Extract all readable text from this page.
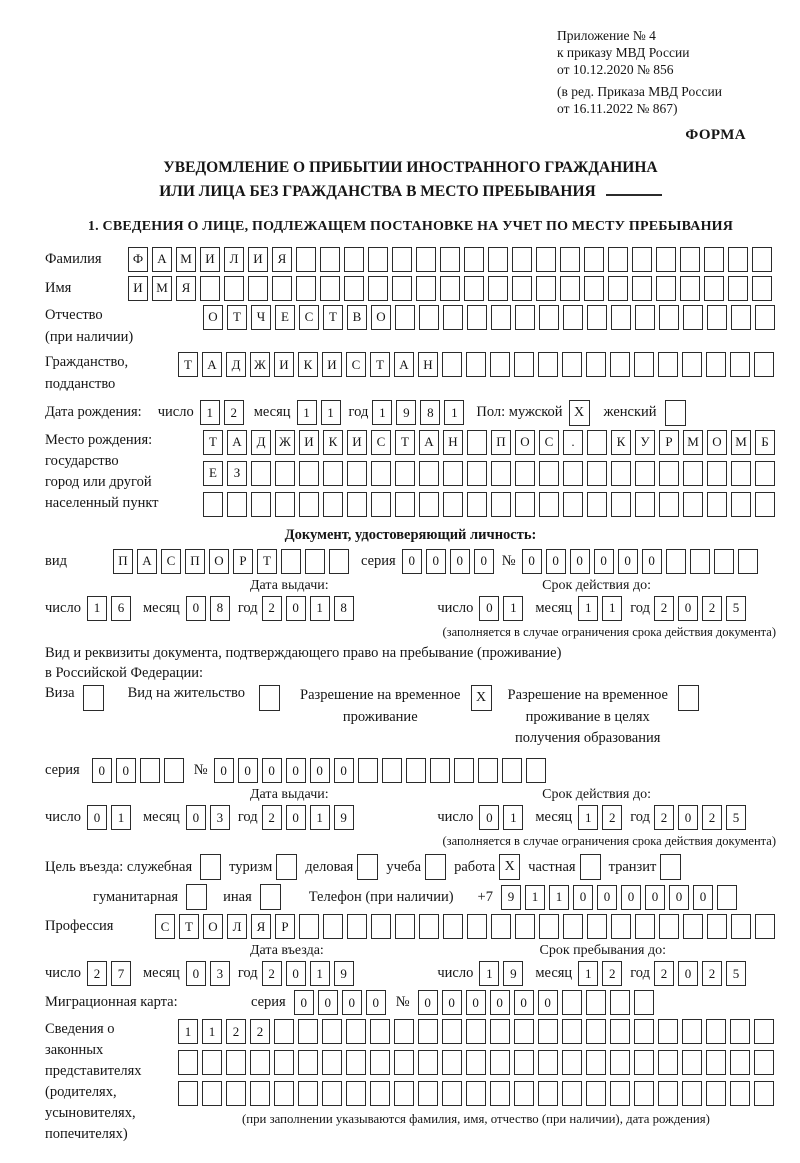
Приложение № 4
к приказу МВД России
от 10.12.2020 № 856
(в ред. Приказа МВД России
от 16.11.2022 № 867)
ФОРМА
УВЕДОМЛЕНИЕ О ПРИБЫТИИ ИНОСТРАННОГО ГРАЖДАНИНА
ИЛИ ЛИЦА БЕЗ ГРАЖДАНСТВА В МЕСТО ПРЕБЫВАНИЯ
1. СВЕДЕНИЯ О ЛИЦЕ, ПОДЛЕЖАЩЕМ ПОСТАНОВКЕ НА УЧЕТ ПО МЕСТУ ПРЕБЫВАНИЯ
Фамилия	Ф	А	М	И	Л	И	Я
Имя	И	М	Я
Отчество
(при наличии)
О	Т	Ч	Е	С	Т	В	О
Гражданство,
подданство
Т	А	Д	Ж	И	К	И	С	Т	А	Н
Дата рождения: число 1	2	месяц 1	1	год 1	9	8	1	Пол: мужской X	женский
Место рождения:
государство
город или другой
населенный пункт
Т	А	Д	Ж	И	К	И	С	Т	А	Н	П	О	С	.	К	У	Р	М	О	М	Б
Е	З
Документ, удостоверяющий личность:
вид	П	А	С	П	О	Р	Т	серия 0	0	0	0	№ 0	0	0	0	0	0
Дата выдачи:	Срок действия до:
число 1	6	месяц 0	8	год 2	0	1	8	число 0	1	месяц 1	1	год 2	0	2	5
(заполняется в случае ограничения срока действия документа)
Вид и реквизиты документа, подтверждающего право на пребывание (проживание)
в Российской Федерации:
Виза	Вид на жительство	Разрешение на временное
проживание
X	Разрешение на временное
проживание в целях
получения образования
серия	0	0	№ 0	0	0	0	0	0
Дата выдачи:	Срок действия до:
число 0	1	месяц 0	3	год 2	0	1	9	число 0	1	месяц 1	2	год 2	0	2	5
(заполняется в случае ограничения срока действия документа)
Цель въезда: служебная	туризм деловая учеба работа X частная транзит
гуманитарная	иная	Телефон (при наличии) +7	9	1	1	0	0	0	0	0	0
Профессия	С	Т	О	Л	Я	Р
Дата въезда:	Срок пребывания до:
число 2	7	месяц 0	3	год 2	0	1	9	число 1	9	месяц 1	2	год 2	0	2	5
Миграционная карта:	серия	0	0	0	0	№	0	0	0	0	0	0
Сведения о
законных
представителях
(родителях,
усыновителях,
попечителях)
1	1	2	2
(при заполнении указываются фамилия, имя, отчество (при наличии), дата рождения)
